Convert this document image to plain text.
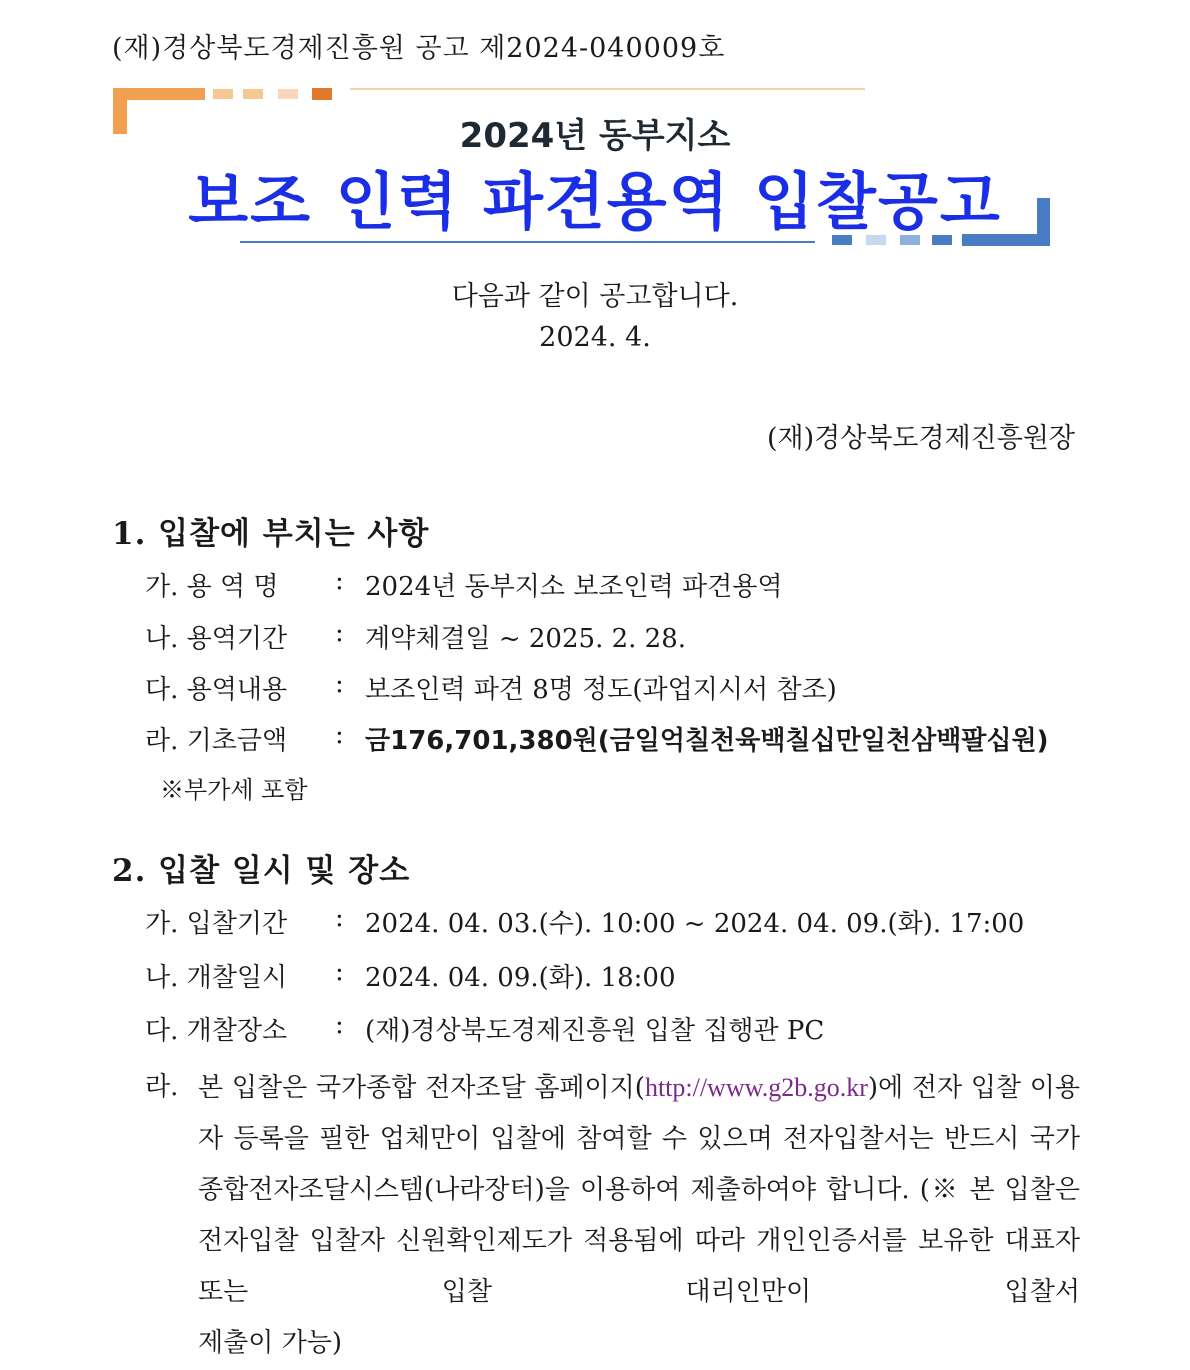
(재)경상북도경제진흥원 공고 제2024-040009호
2024년 동부지소
보조 인력 파견용역 입찰공고
다음과 같이 공고합니다.
2024. 4.
(재)경상북도경제진흥원장
1. 입찰에 부치는 사항
가. 용 역 명	: 2024년 동부지소 보조인력 파견용역
나. 용역기간	: 계약체결일 ~ 2025. 2. 28.
다. 용역내용	: 보조인력 파견 8명 정도(과업지시서 참조)
라. 기초금액	: 금176,701,380원(금일억칠천육백칠십만일천삼백팔십원)
※부가세 포함
2. 입찰 일시 및 장소
가. 입찰기간	: 2024. 04. 03.(수). 10:00 ~ 2024. 04. 09.(화). 17:00
나. 개찰일시	: 2024. 04. 09.(화). 18:00
다. 개찰장소	: (재)경상북도경제진흥원 입찰 집행관 PC
라. 본 입찰은 국가종합 전자조달 홈페이지(http://www.g2b.go.kr)에 전자 입찰 이용자 등록을 필한 업체만이 입찰에 참여할 수 있으며 전자입찰서는 반드시 국가종합전자조달시스템(나라장터)을 이용하여 제출하여야 합니다. (※ 본 입찰은 전자입찰 입찰자 신원확인제도가 적용됨에 따라 개인인증서를 보유한 대표자 또는 입찰 대리인만이 입찰서
제출이 가능)
